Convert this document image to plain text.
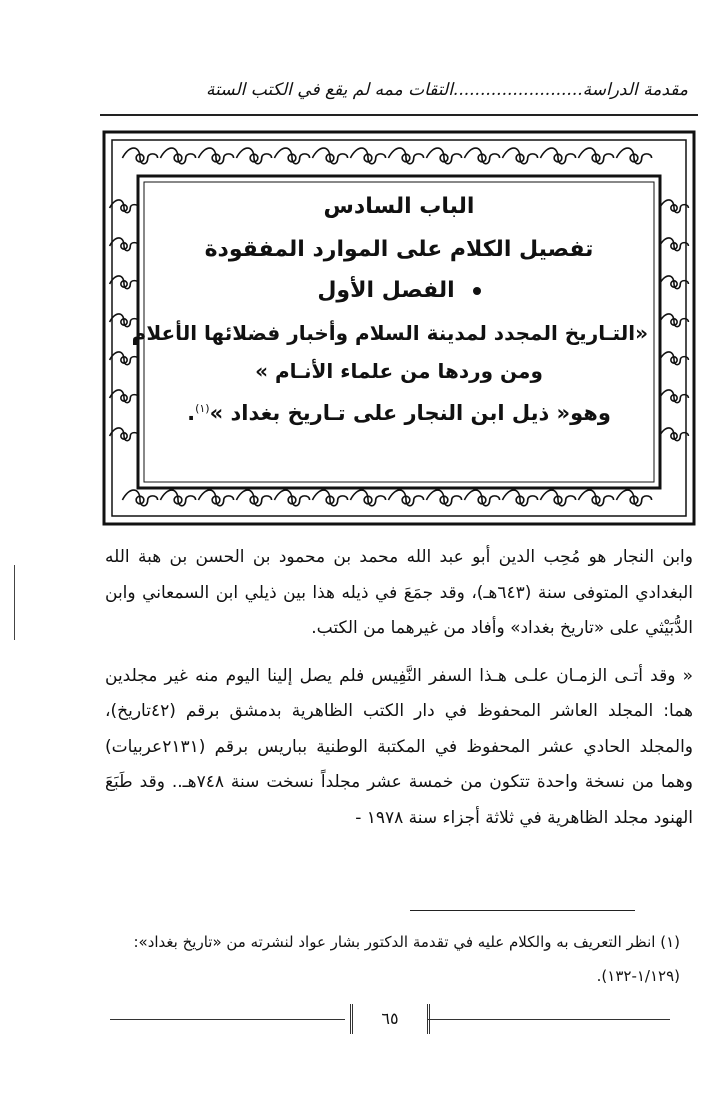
مقدمة الدراسة........................التقات ممه لم يقع في الكتب الستة
الباب السادس
تفصيل الكلام على الموارد المفقودة
الفصل الأول
«التـاريخ المجدد لمدينة السلام وأخبار فضلائها الأعلام
ومن وردها من علماء الأنـام »
وهو« ذيل ابن النجار على تـاريخ بغداد »$^{(١)}$.

وابن النجار هو مُحِب الدين أبو عبد الله محمد بن محمود بن الحسن بن هبة الله البغدادي المتوفى سنة (٦٤٣هـ)، وقد جمَعَ في ذيله هذا بين ذيلي ابن السمعاني وابن الدُّبَيْثي على «تاريخ بغداد» وأفاد من غيرهما من الكتب.

« وقد أتـى الزمـان علـى هـذا السفر النَّفِيس فلم يصل إلينا اليوم منه غير مجلدين هما: المجلد العاشر المحفوظ في دار الكتب الظاهرية بدمشق برقم (٤٢تاريخ)، والمجلد الحادي عشر المحفوظ في المكتبة الوطنية بباريس برقم (٢١٣١عربيات) وهما من نسخة واحدة تتكون من خمسة عشر مجلداً نسخت سنة ٧٤٨هـ.. وقد طَبَعَ الهنود مجلد الظاهرية في ثلاثة أجزاء سنة ١٩٧٨ -

(١) انظر التعريف به والكلام عليه في تقدمة الدكتور بشار عواد لنشرته من «تاريخ بغداد»:

(١/١٢٩-١٣٢).

٦٥
